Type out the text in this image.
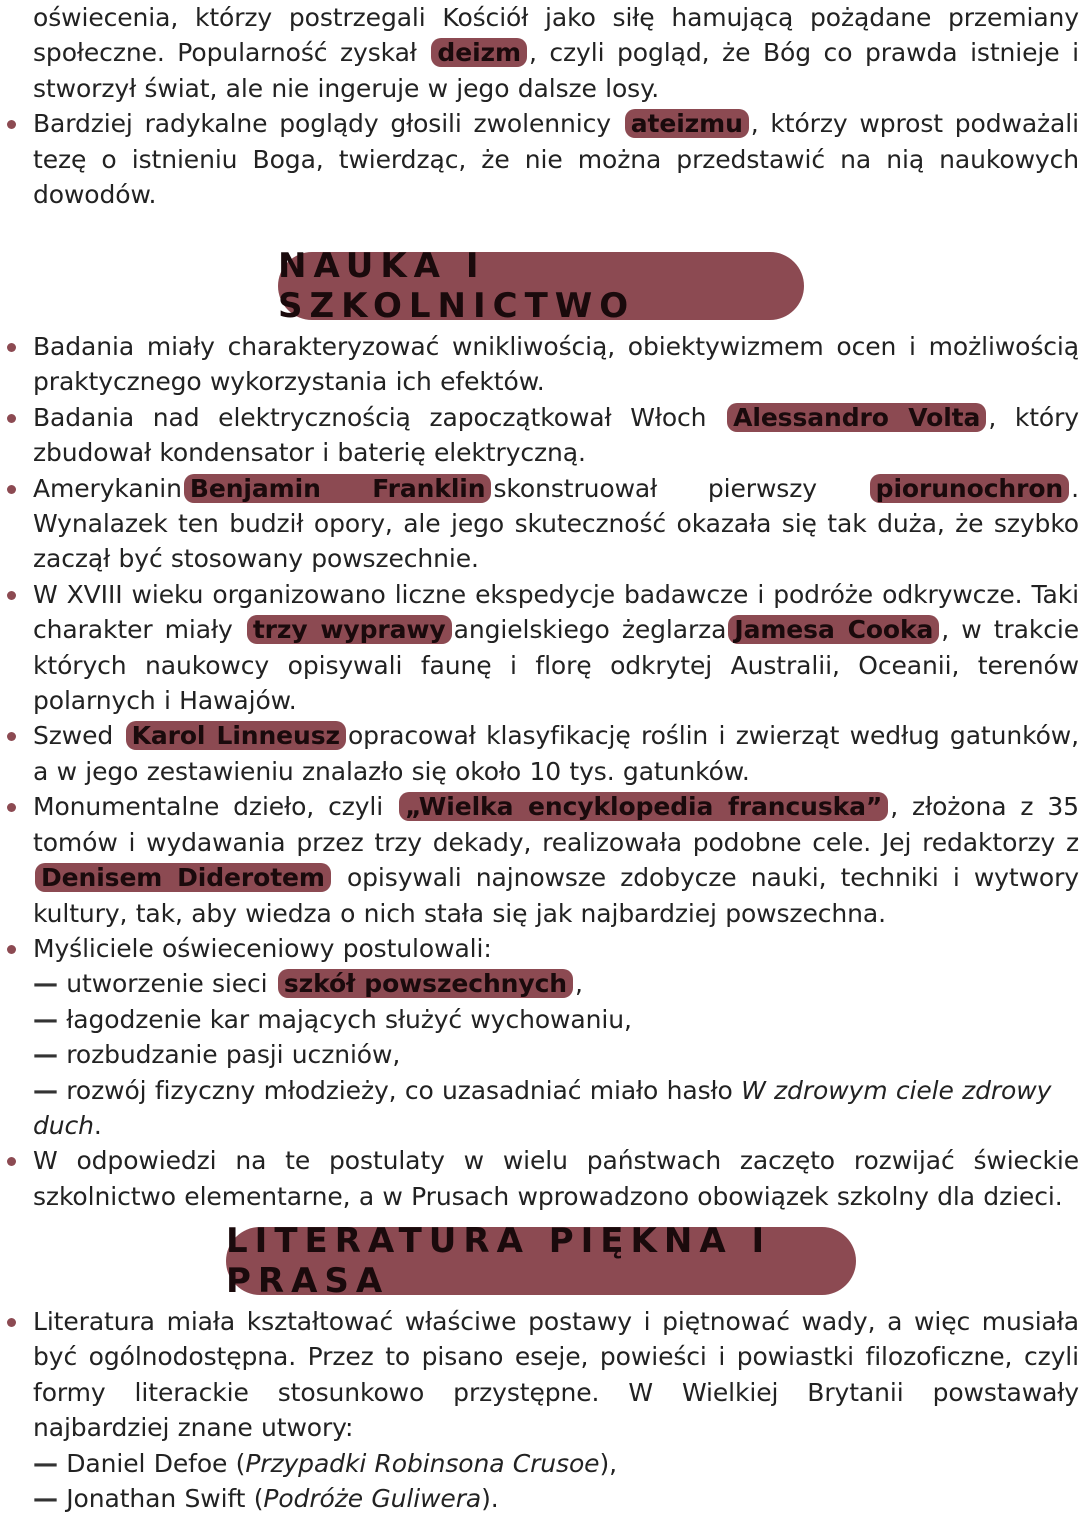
oświecenia, którzy postrzegali Kościół jako siłę hamującą pożądane przemiany społeczne. Popularność zyskał deizm , czyli pogląd, że Bóg co prawda istnieje i stworzył świat, ale nie ingeruje w jego dalsze losy.

Bardziej radykalne poglądy głosili zwolennicy ateizmu , którzy wprost podważali tezę o istnieniu Boga, twierdząc, że nie można przedstawić na nią naukowych dowodów.

NAUKA I SZKOLNICTWO

Badania miały charakteryzować wnikliwością, obiektywizmem ocen i możliwością praktycznego wykorzystania ich efektów.

Badania nad elektrycznością zapoczątkował Włoch Alessandro Volta , który zbudował kondensator i baterię elektryczną.

Amerykanin Benjamin Franklin skonstruował pierwszy piorunochron . Wynalazek ten budził opory, ale jego skuteczność okazała się tak duża, że szybko zaczął być stosowany powszechnie.

W XVIII wieku organizowano liczne ekspedycje badawcze i podróże odkrywcze. Taki charakter miały trzy wyprawy angielskiego żeglarza Jamesa Cooka , w trakcie których naukowcy opisywali faunę i florę odkrytej Australii, Oceanii, terenów polarnych i Hawajów.

Szwed Karol Linneusz opracował klasyfikację roślin i zwierząt według gatunków, a w jego zestawieniu znalazło się około 10 tys. gatunków.

Monumentalne dzieło, czyli „Wielka encyklopedia francuska” , złożona z 35 tomów i wydawania przez trzy dekady, realizowała podobne cele. Jej redaktorzy z Denisem Diderotem opisywali najnowsze zdobycze nauki, techniki i wytwory kultury, tak, aby wiedza o nich stała się jak najbardziej powszechna.

Myśliciele oświeceniowy postulowali:

— utworzenie sieci szkół powszechnych ,

— łagodzenie kar mających służyć wychowaniu,

— rozbudzanie pasji uczniów,

— rozwój fizyczny młodzieży, co uzasadniać miało hasło W zdrowym ciele zdrowy duch.

W odpowiedzi na te postulaty w wielu państwach zaczęto rozwijać świeckie szkolnictwo elementarne, a w Prusach wprowadzono obowiązek szkolny dla dzieci.

LITERATURA PIĘKNA I PRASA

Literatura miała kształtować właściwe postawy i piętnować wady, a więc musiała być ogólnodostępna. Przez to pisano eseje, powieści i powiastki filozoficzne, czyli formy literackie stosunkowo przystępne. W Wielkiej Brytanii powstawały najbardziej znane utwory:

— Daniel Defoe (Przypadki Robinsona Crusoe),

— Jonathan Swift (Podróże Guliwera).
